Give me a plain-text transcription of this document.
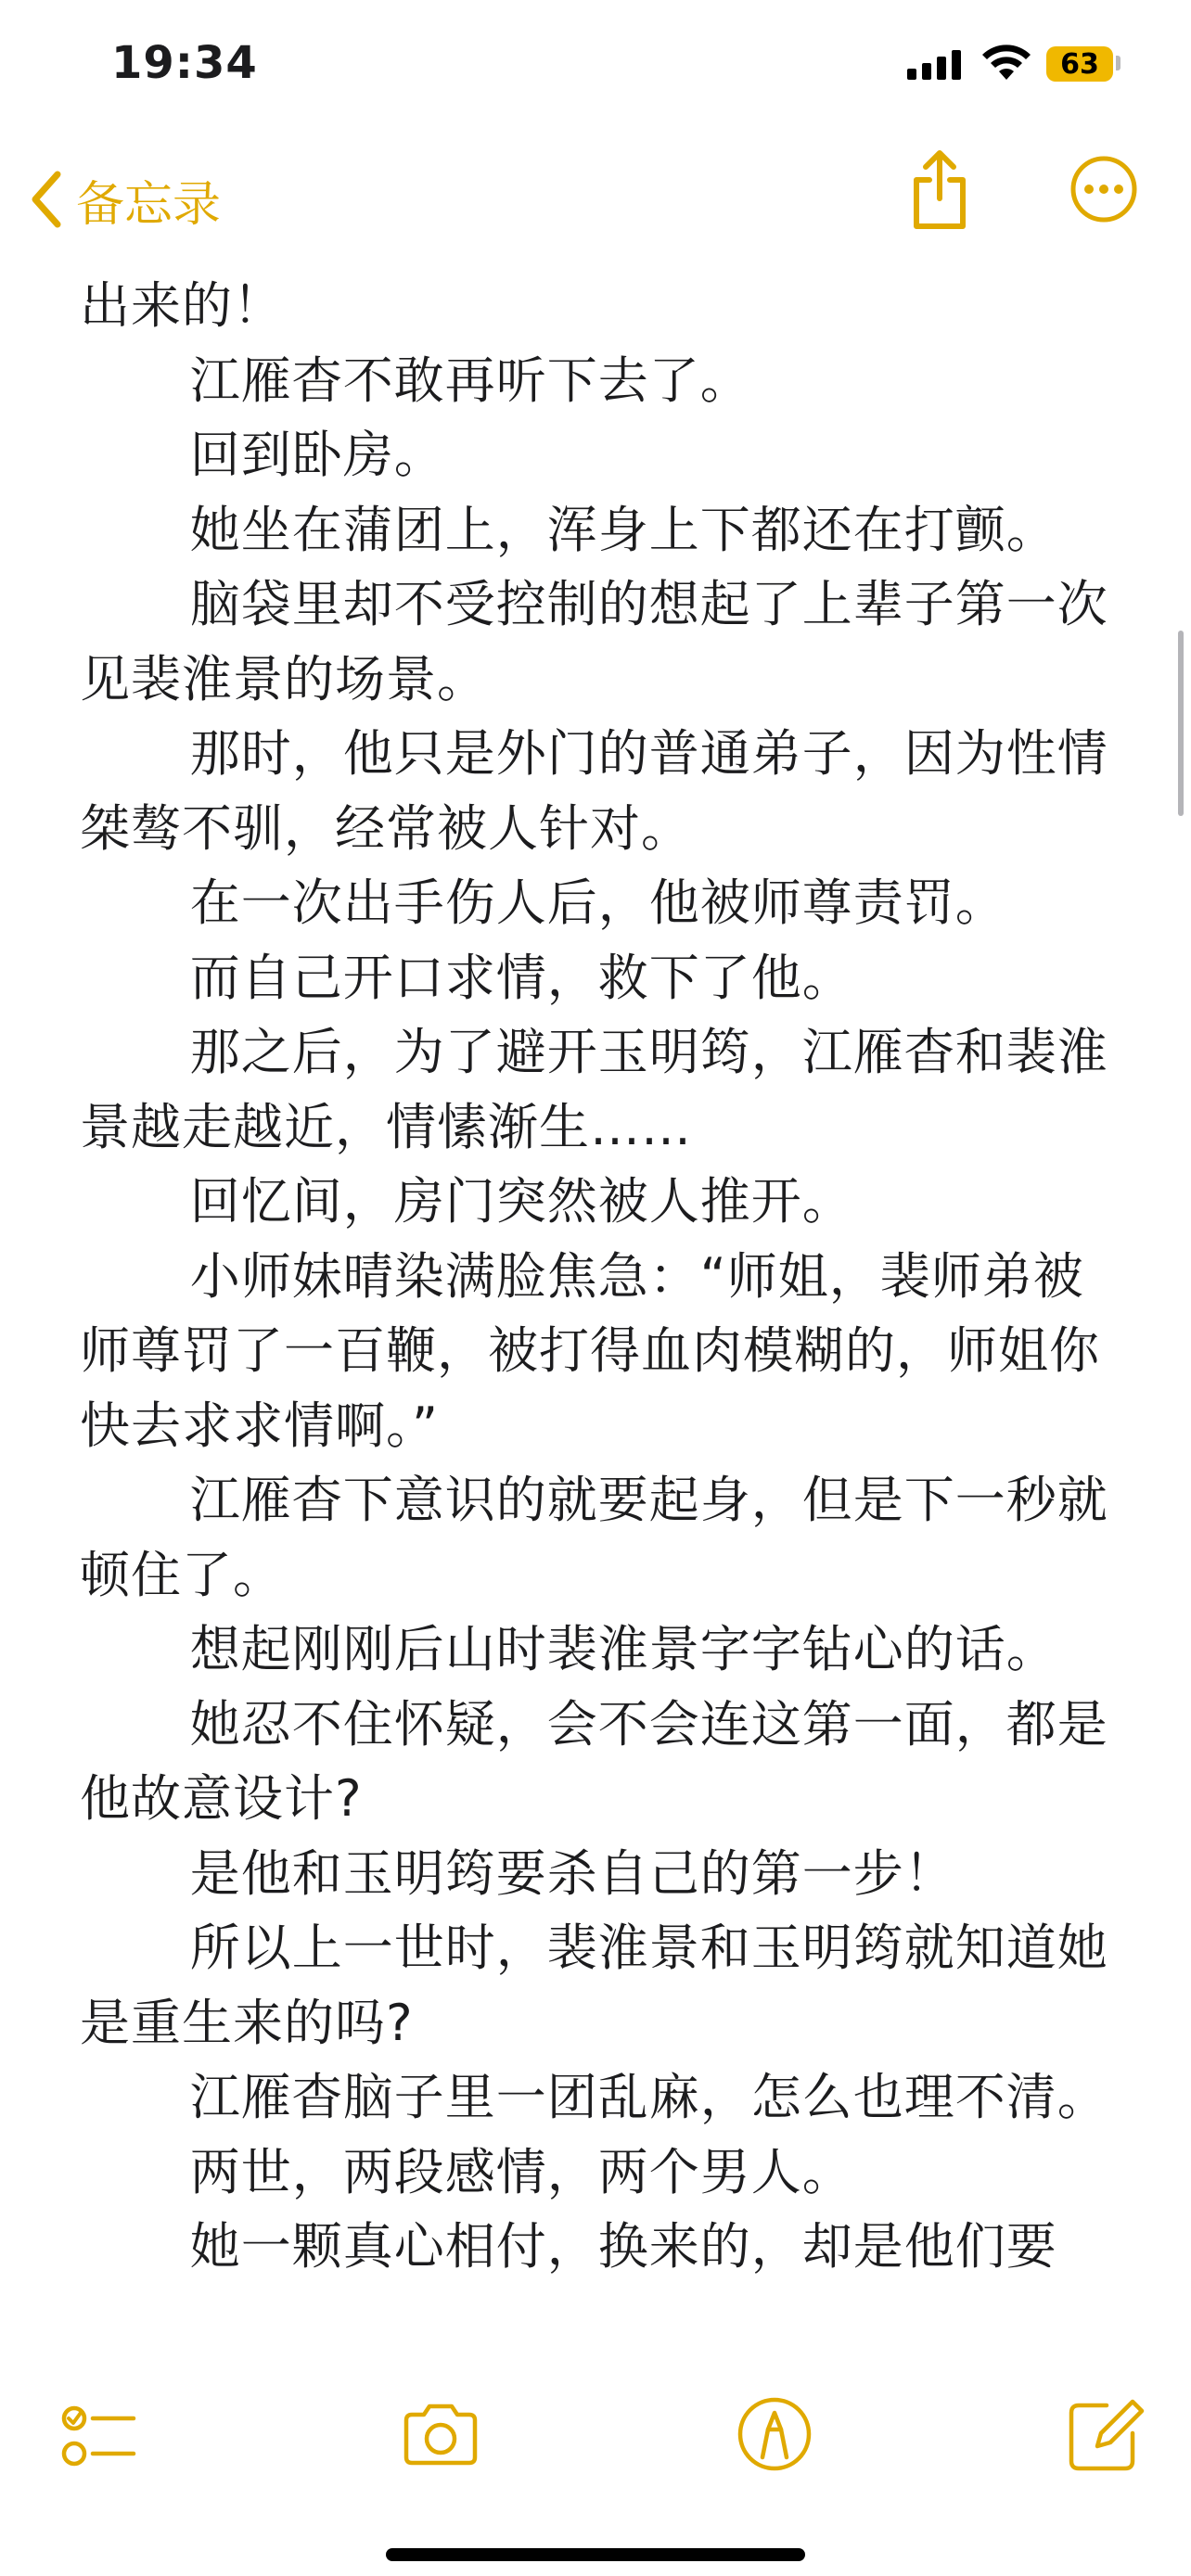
19:34	63
备忘录

出来的！

江雁杳不敢再听下去了。

回到卧房。

她坐在蒲团上，浑身上下都还在打颤。

脑袋里却不受控制的想起了上辈子第一次见裴淮景的场景。

那时，他只是外门的普通弟子，因为性情桀骜不驯，经常被人针对。

在一次出手伤人后，他被师尊责罚。

而自己开口求情，救下了他。

那之后，为了避开玉明筠，江雁杳和裴淮景越走越近，情愫渐生……

回忆间，房门突然被人推开。

小师妹晴染满脸焦急：“师姐，裴师弟被师尊罚了一百鞭，被打得血肉模糊的，师姐你快去求求情啊。”

江雁杳下意识的就要起身，但是下一秒就顿住了。

想起刚刚后山时裴淮景字字钻心的话。

她忍不住怀疑，会不会连这第一面，都是他故意设计?

是他和玉明筠要杀自己的第一步！

所以上一世时，裴淮景和玉明筠就知道她是重生来的吗?

江雁杳脑子里一团乱麻，怎么也理不清。

两世，两段感情，两个男人。

她一颗真心相付，换来的，却是他们要
